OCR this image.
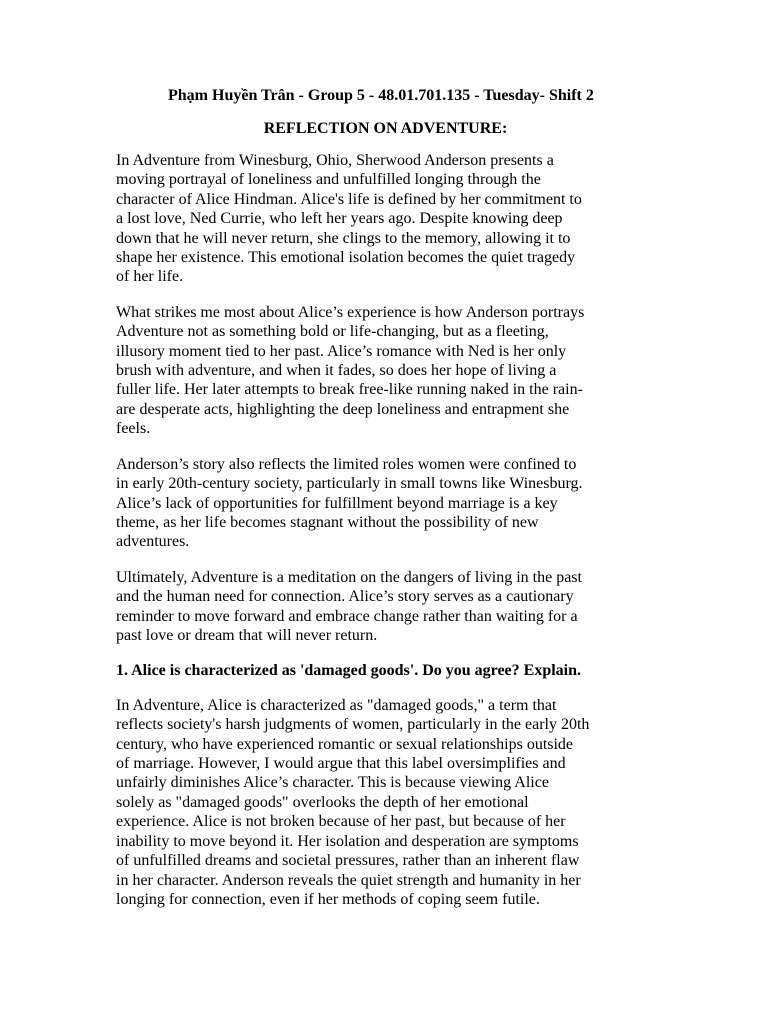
Phạm Huyền Trân - Group 5 - 48.01.701.135 - Tuesday- Shift 2
REFLECTION ON ADVENTURE:
In Adventure from Winesburg, Ohio, Sherwood Anderson presents a
moving portrayal of loneliness and unfulfilled longing through the
character of Alice Hindman. Alice's life is defined by her commitment to
a lost love, Ned Currie, who left her years ago. Despite knowing deep
down that he will never return, she clings to the memory, allowing it to
shape her existence. This emotional isolation becomes the quiet tragedy
of her life.
What strikes me most about Alice’s experience is how Anderson portrays
Adventure not as something bold or life-changing, but as a fleeting,
illusory moment tied to her past. Alice’s romance with Ned is her only
brush with adventure, and when it fades, so does her hope of living a
fuller life. Her later attempts to break free-like running naked in the rain-
are desperate acts, highlighting the deep loneliness and entrapment she
feels.
Anderson’s story also reflects the limited roles women were confined to
in early 20th-century society, particularly in small towns like Winesburg.
Alice’s lack of opportunities for fulfillment beyond marriage is a key
theme, as her life becomes stagnant without the possibility of new
adventures.
Ultimately, Adventure is a meditation on the dangers of living in the past
and the human need for connection. Alice’s story serves as a cautionary
reminder to move forward and embrace change rather than waiting for a
past love or dream that will never return.
1. Alice is characterized as 'damaged goods'. Do you agree? Explain.
In Adventure, Alice is characterized as "damaged goods," a term that
reflects society's harsh judgments of women, particularly in the early 20th
century, who have experienced romantic or sexual relationships outside
of marriage. However, I would argue that this label oversimplifies and
unfairly diminishes Alice’s character. This is because viewing Alice
solely as "damaged goods" overlooks the depth of her emotional
experience. Alice is not broken because of her past, but because of her
inability to move beyond it. Her isolation and desperation are symptoms
of unfulfilled dreams and societal pressures, rather than an inherent flaw
in her character. Anderson reveals the quiet strength and humanity in her
longing for connection, even if her methods of coping seem futile.
